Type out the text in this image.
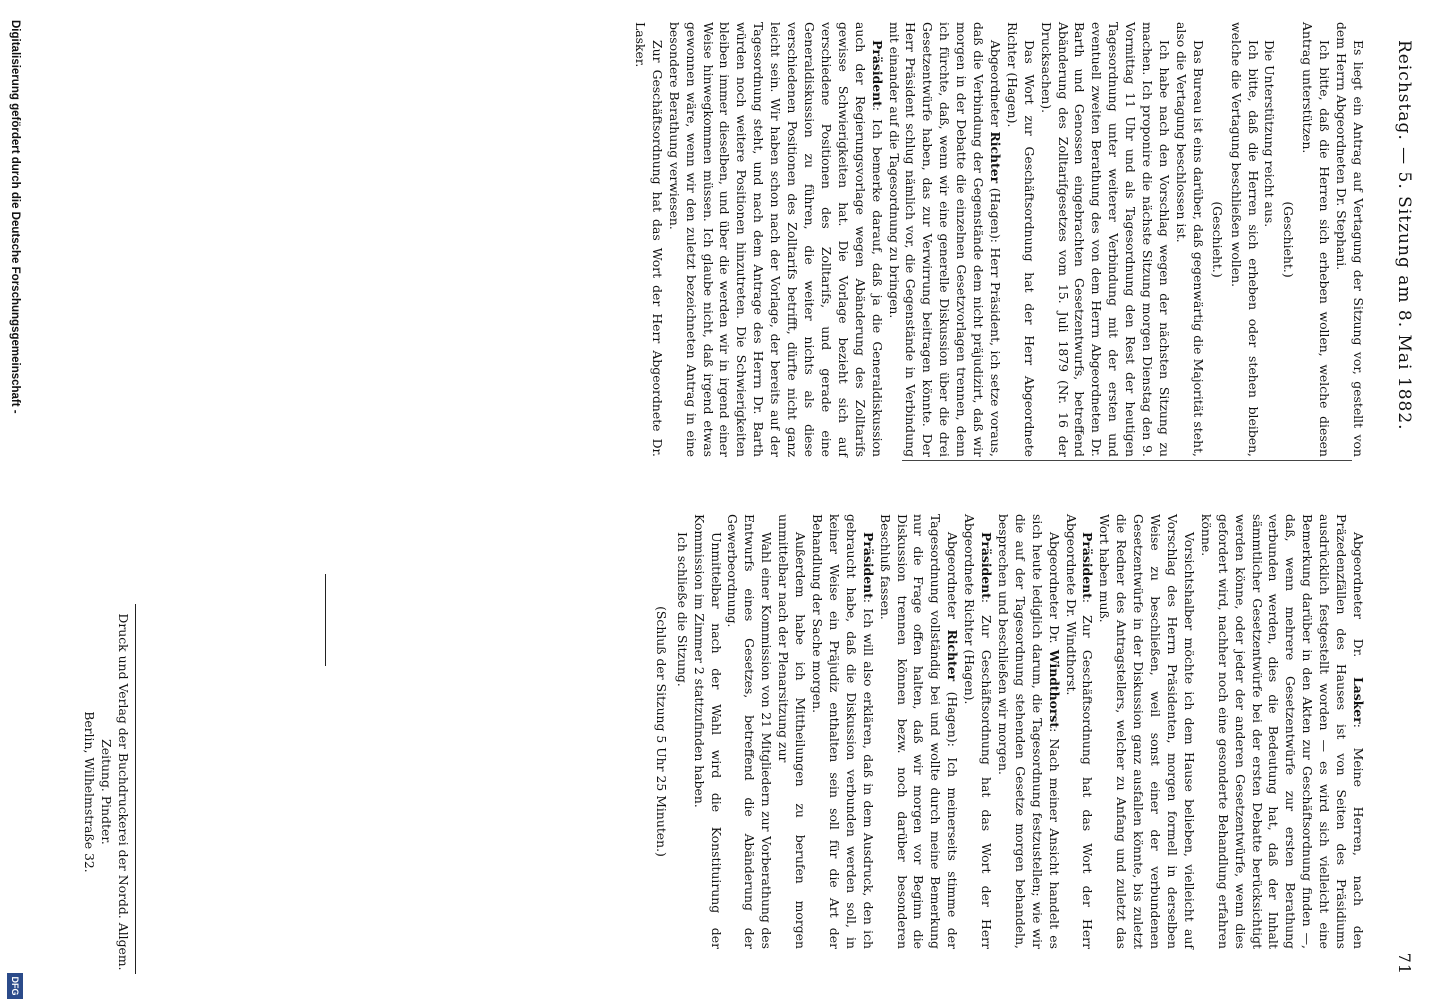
Reichstag. — 5. Sitzung am 8. Mai 1882.
71

Es liegt ein Antrag auf Vertagung der Sitzung vor, gestellt von dem Herrn Abgeordneten Dr. Stephani.

Ich bitte, daß die Herren sich erheben wollen, welche diesen Antrag unterstützen.

(Geschieht.)

Die Unterstützung reicht aus.

Ich bitte, daß die Herren sich erheben oder stehen bleiben, welche die Vertagung beschließen wollen.

(Geschieht.)

Das Bureau ist eins darüber, daß gegenwärtig die Majorität steht, also die Vertagung beschlossen ist.

Ich habe nach den Vorschlag wegen der nächsten Sitzung zu machen. Ich proponire die nächste Sitzung morgen Dienstag den 9. Vormittag 11 Uhr und als Tagesordnung den Rest der heutigen Tagesordnung unter weiterer Verbindung mit der ersten und eventuell zweiten Berathung des von dem Herrn Abgeordneten Dr. Barth und Genossen eingebrachten Gesetzentwurfs, betreffend Abänderung des Zolltarifgesetzes vom 15. Juli 1879 (Nr. 16 der Drucksachen).

Das Wort zur Geschäftsordnung hat der Herr Abgeordnete Richter (Hagen).

Abgeordneter Richter (Hagen): Herr Präsident, ich setze voraus, daß die Verbindung der Gegenstände dem nicht präjudizirt, daß wir morgen in der Debatte die einzelnen Gesetzvorlagen trennen, denn ich fürchte, daß, wenn wir eine generelle Diskussion über die drei Gesetzentwürfe haben, das zur Verwirrung beitragen könnte. Der Herr Präsident schlug nämlich vor, die Gegenstände in Verbindung mit einander auf die Tagesordnung zu bringen.

Präsident: Ich bemerke darauf, daß ja die Generaldiskussion auch der Regierungsvorlage wegen Abänderung des Zolltarifs gewisse Schwierigkeiten hat. Die Vorlage bezieht sich auf verschiedene Positionen des Zolltarifs, und gerade eine Generaldiskussion zu führen, die weiter nichts als diese verschiedenen Positionen des Zolltarifs betrifft, dürfte nicht ganz leicht sein. Wir haben schon nach der Vorlage, der bereits auf der Tagesordnung steht, und nach dem Antrage des Herrn Dr. Barth würden noch weitere Positionen hinzutreten. Die Schwierigkeiten bleiben immer dieselben, und über die werden wir in irgend einer Weise hinwegkommen müssen. Ich glaube nicht, daß irgend etwas gewonnen wäre, wenn wir den zuletzt bezeichneten Antrag in eine besondere Berathung verwiesen.

Zur Geschäftsordnung hat das Wort der Herr Abgeordnete Dr. Lasker.

Abgeordneter Dr. Lasker: Meine Herren, nach den Präzedenzfällen des Hauses ist von Seiten des Präsidiums ausdrücklich festgestellt worden — es wird sich vielleicht eine Bemerkung darüber in den Akten zur Geschäftsordnung finden —, daß, wenn mehrere Gesetzentwürfe zur ersten Berathung verbunden werden, dies die Bedeutung hat, daß der Inhalt sämmtlicher Gesetzentwürfe bei der ersten Debatte berücksichtigt werden könne, oder jeder der anderen Gesetzentwürfe, wenn dies gefordert wird, nachher noch eine gesonderte Behandlung erfahren könne.

Vorsichtshalber möchte ich dem Hause belieben, vielleicht auf Vorschlag des Herrn Präsidenten, morgen formell in derselben Weise zu beschließen, weil sonst einer der verbundenen Gesetzentwürfe in der Diskussion ganz ausfallen könnte, bis zuletzt die Redner des Antragstellers, welcher zu Anfang und zuletzt das Wort haben muß.

Präsident: Zur Geschäftsordnung hat das Wort der Herr Abgeordnete Dr. Windthorst.

Abgeordneter Dr. Windthorst: Nach meiner Ansicht handelt es sich heute lediglich darum, die Tagesordnung festzustellen; wie wir die auf der Tagesordnung stehenden Gesetze morgen behandeln, besprechen und beschließen wir morgen.

Präsident: Zur Geschäftsordnung hat das Wort der Herr Abgeordnete Richter (Hagen).

Abgeordneter Richter (Hagen): Ich meinerseits stimme der Tagesordnung vollständig bei und wollte durch meine Bemerkung nur die Frage offen halten, daß wir morgen vor Beginn die Diskussion trennen können bezw. noch darüber besonderen Beschluß fassen.

Präsident: Ich will also erklären, daß in dem Ausdruck, den ich gebraucht habe, daß die Diskussion verbunden werden soll, in keiner Weise ein Präjudiz enthalten sein soll für die Art der Behandlung der Sache morgen.

Außerdem habe ich Mittheilungen zu berufen morgen unmittelbar nach der Plenarsitzung zur

Wahl einer Kommission von 21 Mitgliedern zur Vorberathung des Entwurfs eines Gesetzes, betreffend die Abänderung der Gewerbeordnung.

Unmittelbar nach der Wahl wird die Konstituirung der Kommission im Zimmer 2 stattzufinden haben.

Ich schließe die Sitzung.

(Schluß der Sitzung 5 Uhr 25 Minuten.)

Druck und Verlag der Buchdruckerei der Nordd. Allgem. Zeitung. Pindter.
Berlin, Wilhelmstraße 32.
Digitalisierung gefördert durch die Deutsche Forschungsgemeinschaft -
DFG
